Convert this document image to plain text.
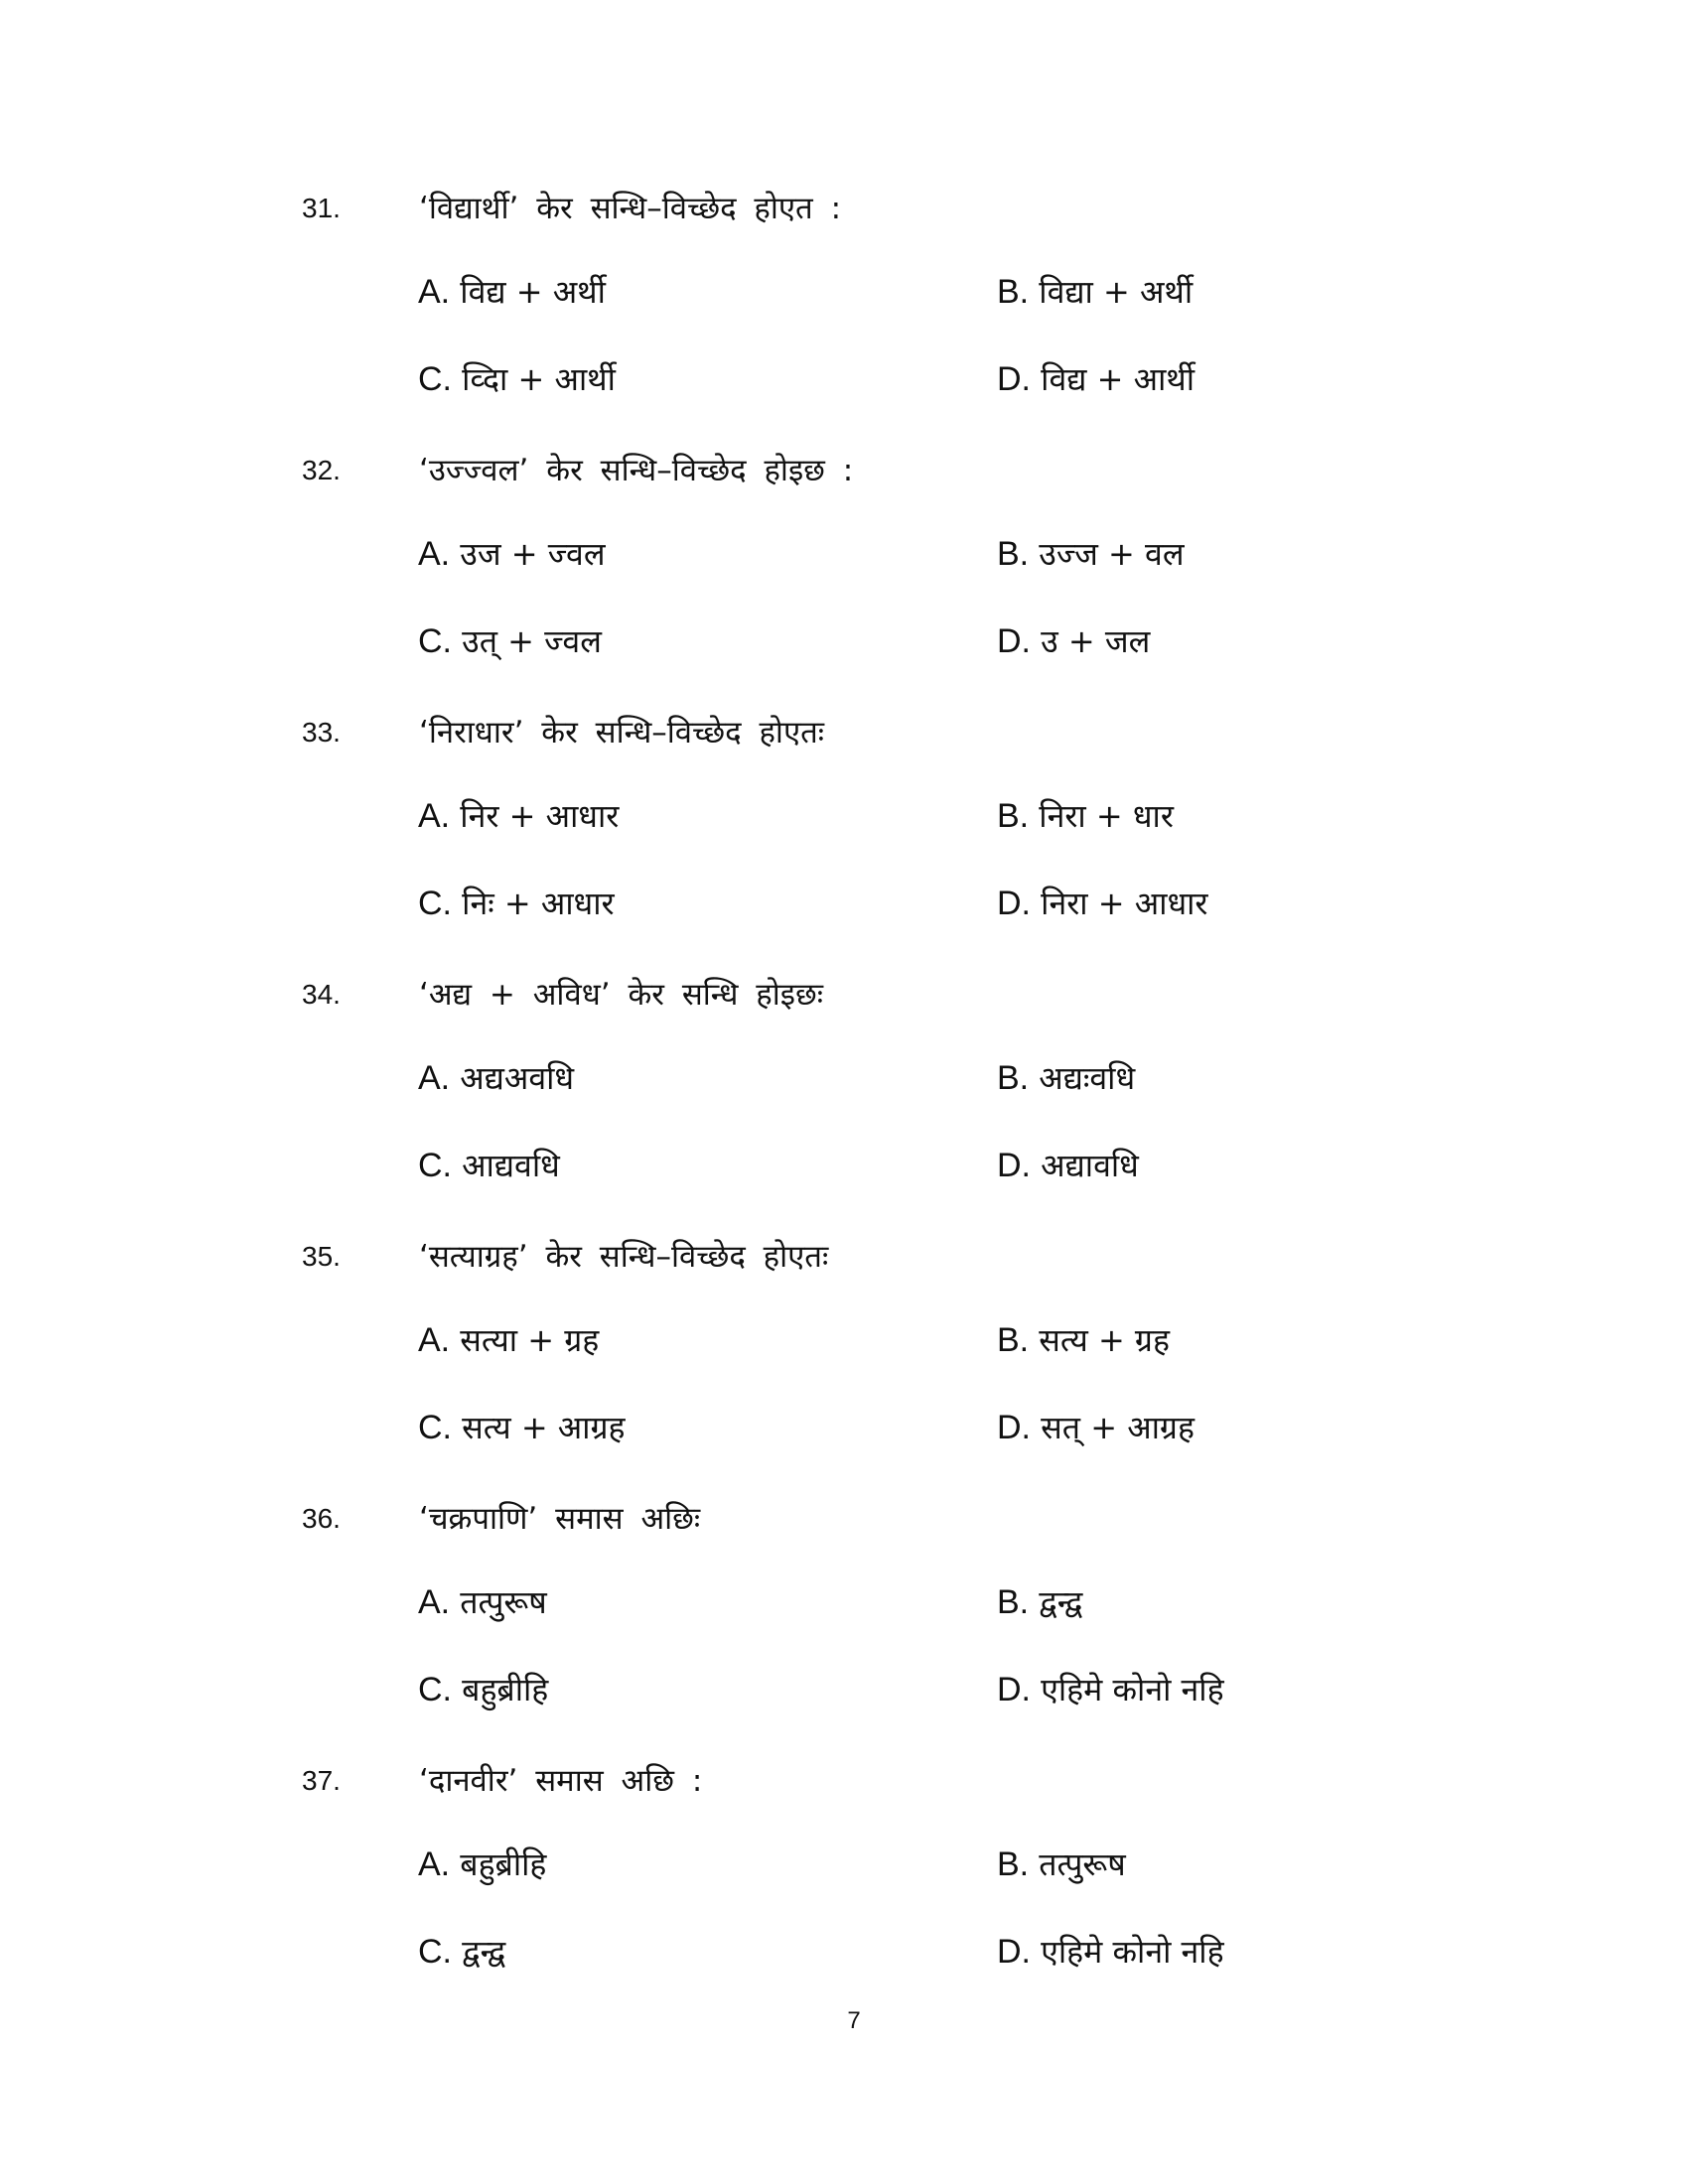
31.	‘विद्यार्थी’ केर सन्धि–विच्छेद होएत :
A. विद्य + अर्थी	B. विद्या + अर्थी
C. व्दिा + आर्थी	D. विद्य + आर्थी
32.	‘उज्ज्वल’ केर सन्धि–विच्छेद होइछ :
A. उज + ज्वल	B. उज्ज + वल
C. उत् + ज्वल	D. उ + जल
33.	‘निराधार’ केर सन्धि–विच्छेद होएतः
A. निर + आधार	B. निरा + धार
C. निः + आधार	D. निरा + आधार
34.	‘अद्य + अविध’ केर सन्धि होइछः
A. अद्यअवधि	B. अद्यःवधि
C. आद्यवधि	D. अद्यावधि
35.	‘सत्याग्रह’ केर सन्धि–विच्छेद होएतः
A. सत्या + ग्रह	B. सत्य + ग्रह
C. सत्य + आग्रह	D. सत् + आग्रह
36.	‘चक्रपाणि’ समास अछिः
A. तत्पुरूष	B. द्वन्द्व
C. बहुब्रीहि	D. एहिमे कोनो नहि
37.	‘दानवीर’ समास अछि :
A. बहुब्रीहि	B. तत्पुरूष
C. द्वन्द्व	D. एहिमे कोनो नहि
7
